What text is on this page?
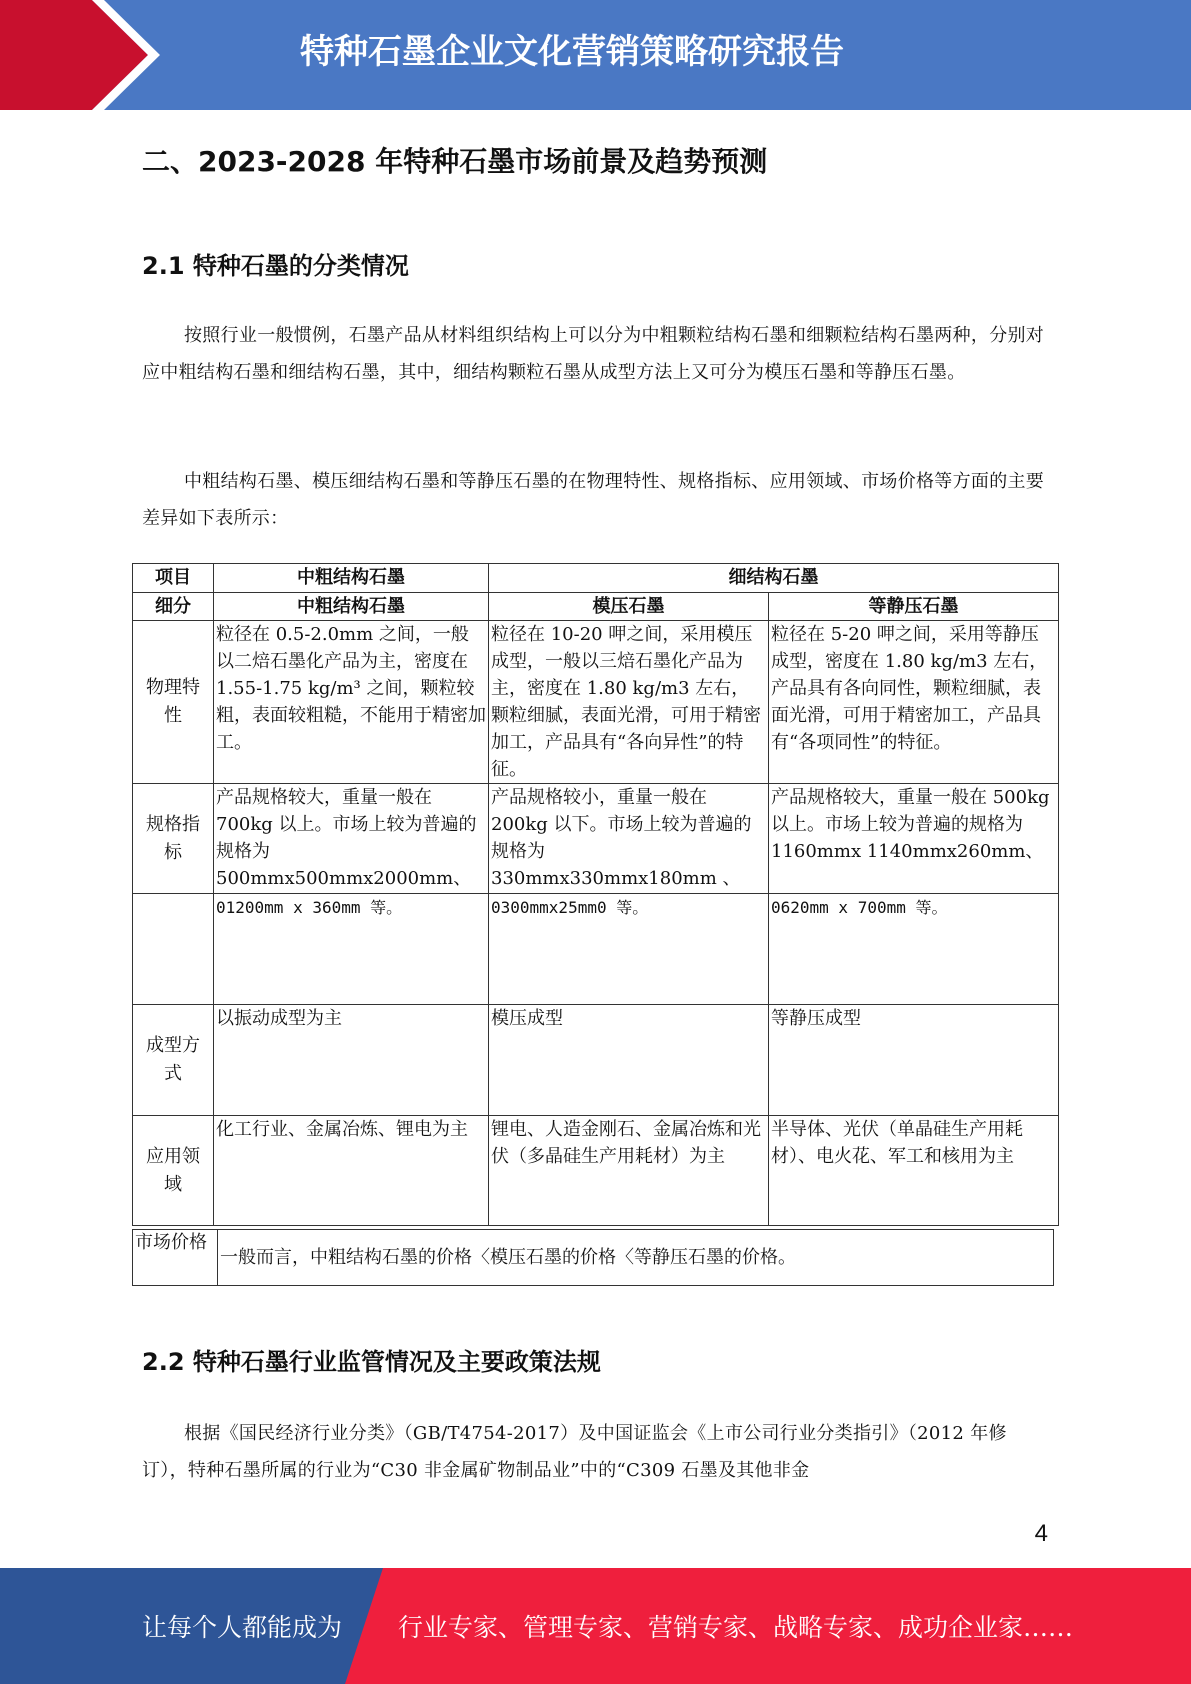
特种石墨企业文化营销策略研究报告
二、2023-2028 年特种石墨市场前景及趋势预测
2.1 特种石墨的分类情况
按照行业一般惯例，石墨产品从材料组织结构上可以分为中粗颗粒结构石墨和细颗粒结构石墨两种，分别对应中粗结构石墨和细结构石墨，其中，细结构颗粒石墨从成型方法上又可分为模压石墨和等静压石墨。
中粗结构石墨、模压细结构石墨和等静压石墨的在物理特性、规格指标、应用领域、市场价格等方面的主要差异如下表所示：
项目	中粗结构石墨	细结构石墨	
细分	中粗结构石墨	模压石墨	等静压石墨
物理特性	粒径在 0.5-2.0mm 之间，一般以二焙石墨化产品为主，密度在 1.55-1.75 kg/m³ 之间，颗粒较粗，表面较粗糙，不能用于精密加工。	粒径在 10-20 呷之间，采用模压成型，一般以三焙石墨化产品为主，密度在 1.80 kg/m3 左右，颗粒细腻，表面光滑，可用于精密加工，产品具有“各向异性”的特征。	粒径在 5-20 呷之间，采用等静压成型，密度在 1.80 kg/m3 左右，产品具有各向同性，颗粒细腻，表面光滑，可用于精密加工，产品具有“各项同性”的特征。
规格指标	产品规格较大，重量一般在 700kg 以上。市场上较为普遍的规格为 500mmx500mmx2000mm、	产品规格较小，重量一般在 200kg 以下。市场上较为普遍的规格为 330mmx330mmx180mm 、	产品规格较大，重量一般在 500kg 以上。市场上较为普遍的规格为 1160mmx 1140mmx260mm、
	01200mm x 360mm 等。	0300mmx25mm0 等。	0620mm x 700mm 等。
成型方式	以振动成型为主	模压成型	等静压成型
应用领域	化工行业、金属冶炼、锂电为主	锂电、人造金刚石、金属冶炼和光伏（多晶硅生产用耗材）为主	半导体、光伏（单晶硅生产用耗材）、电火花、军工和核用为主
市场价格	一般而言，中粗结构石墨的价格〈模压石墨的价格〈等静压石墨的价格。
2.2 特种石墨行业监管情况及主要政策法规
根据《国民经济行业分类》（GB/T4754-2017）及中国证监会《上市公司行业分类指引》（2012 年修订），特种石墨所属的行业为“C30 非金属矿物制品业”中的“C309 石墨及其他非金
4
让每个人都能成为 行业专家、管理专家、营销专家、战略专家、成功企业家……
